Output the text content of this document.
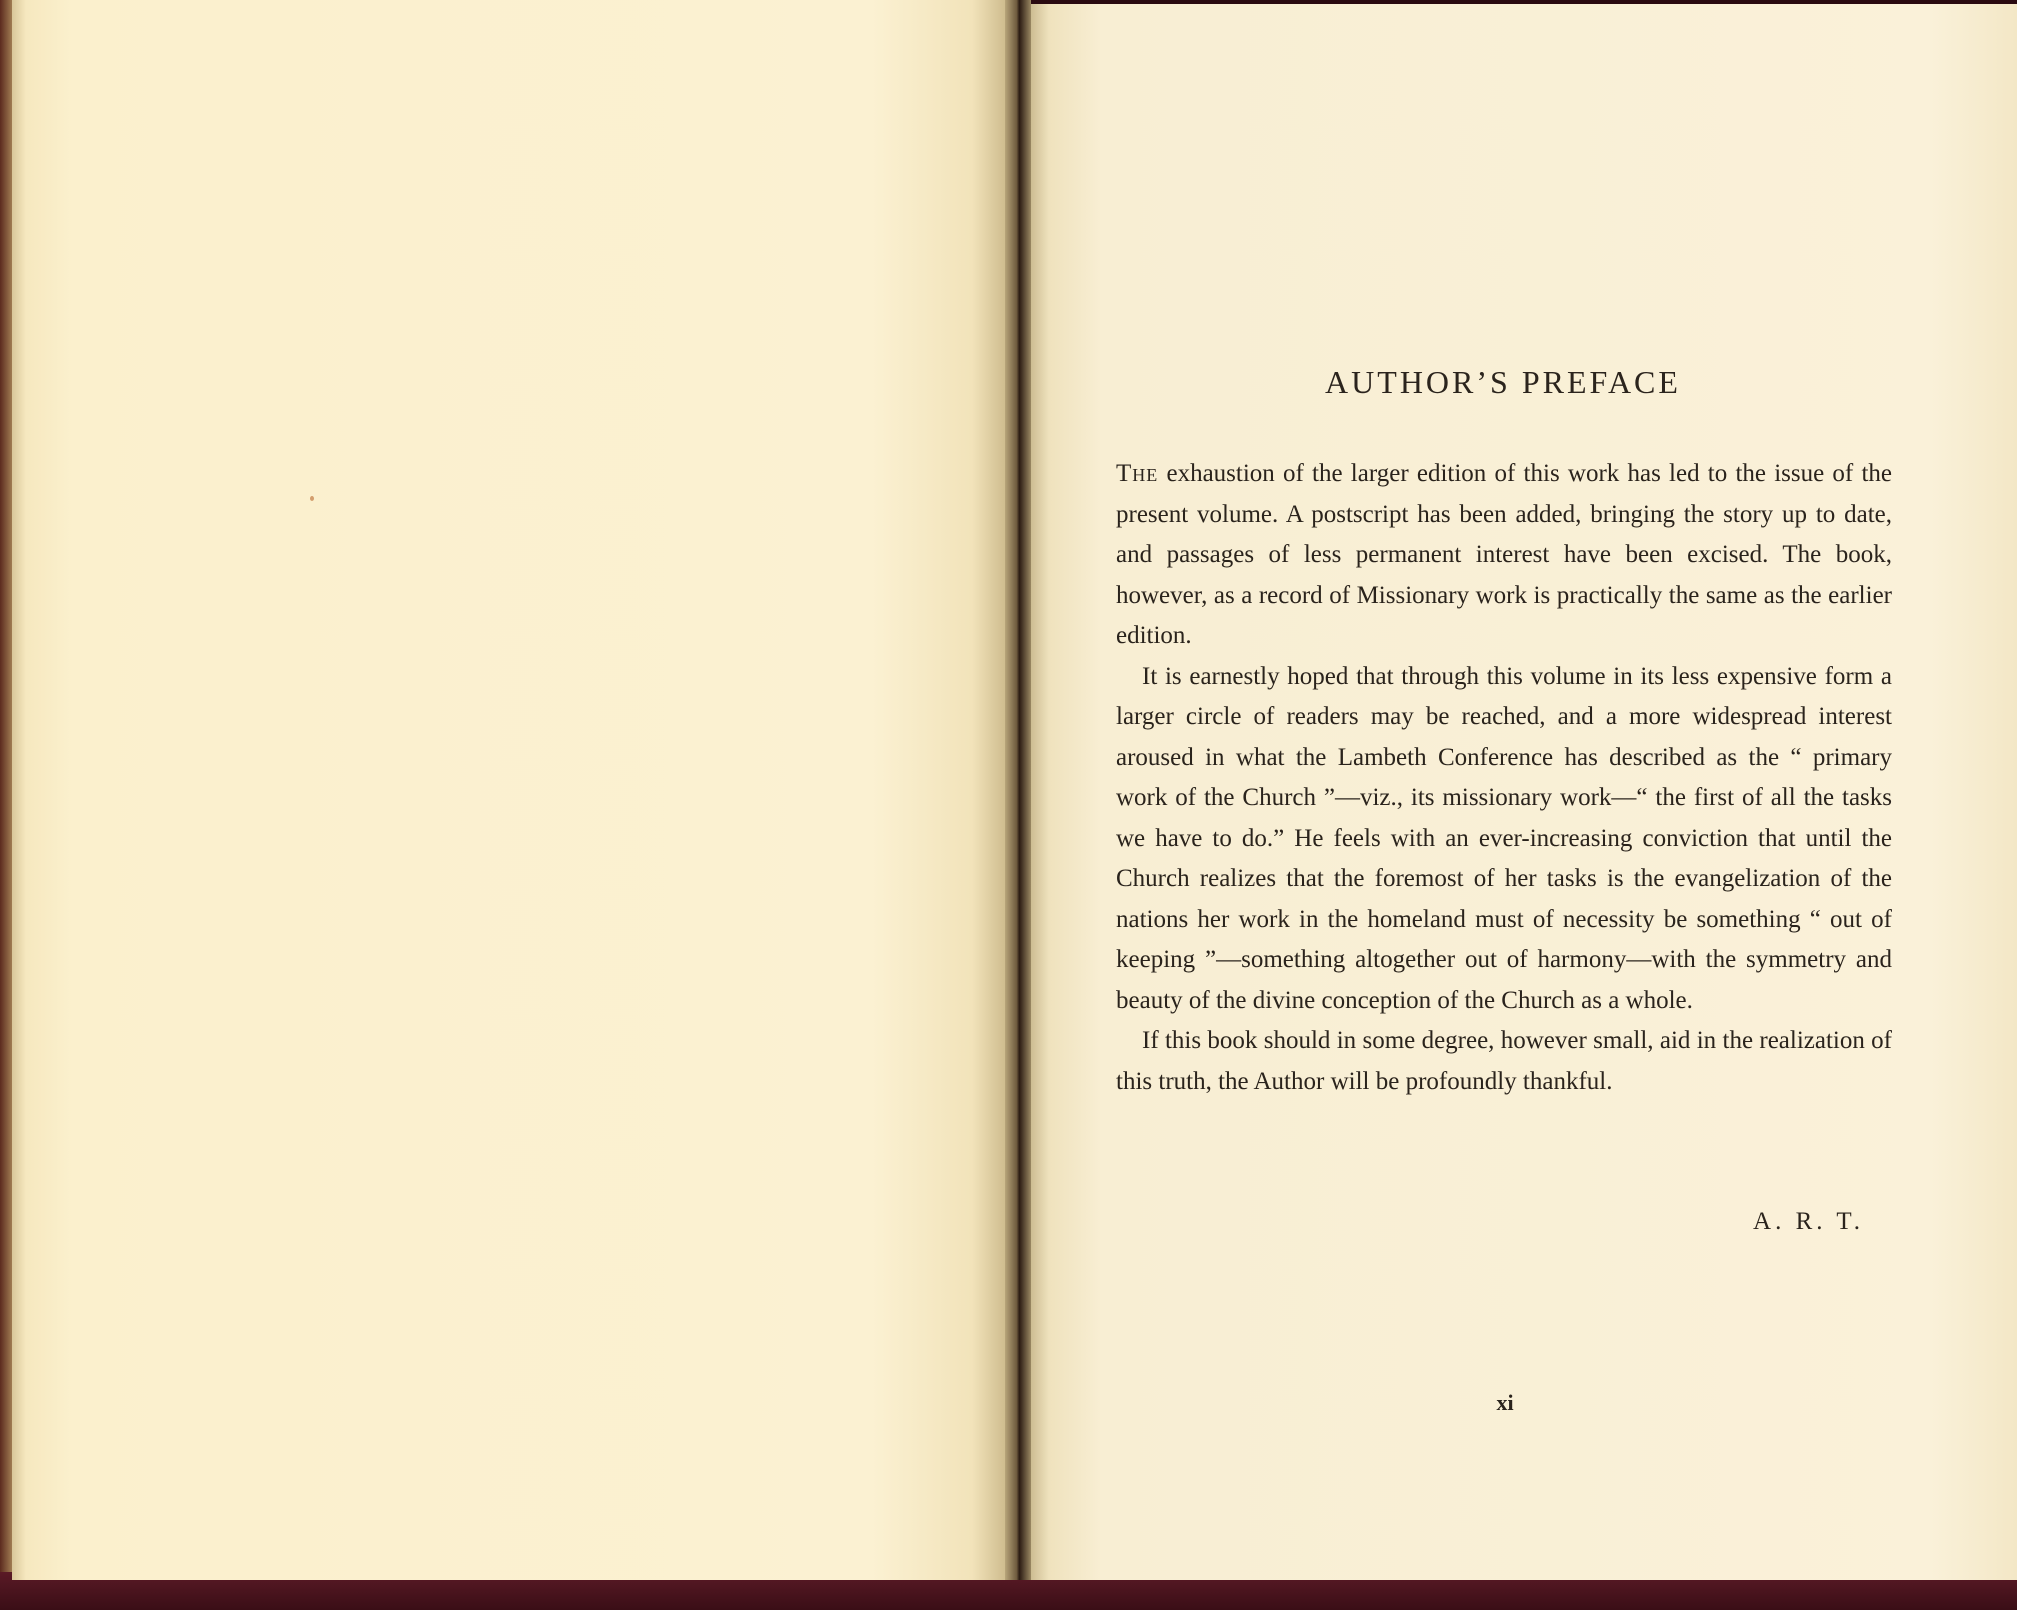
AUTHOR’S PREFACE

The exhaustion of the larger edition of this work has led to the issue of the present volume. A postscript has been added, bringing the story up to date, and passages of less permanent interest have been excised. The book, however, as a record of Missionary work is practically the same as the earlier edition.

It is earnestly hoped that through this volume in its less expensive form a larger circle of readers may be reached, and a more widespread interest aroused in what the Lambeth Conference has described as the “ primary work of the Church ”—viz., its missionary work—“ the first of all the tasks we have to do.” He feels with an ever-increasing conviction that until the Church realizes that the foremost of her tasks is the evangelization of the nations her work in the homeland must of necessity be something “ out of keeping ”—something altogether out of harmony—with the symmetry and beauty of the divine conception of the Church as a whole.

If this book should in some degree, however small, aid in the realization of this truth, the Author will be profoundly thankful.

A. R. T.
xi
